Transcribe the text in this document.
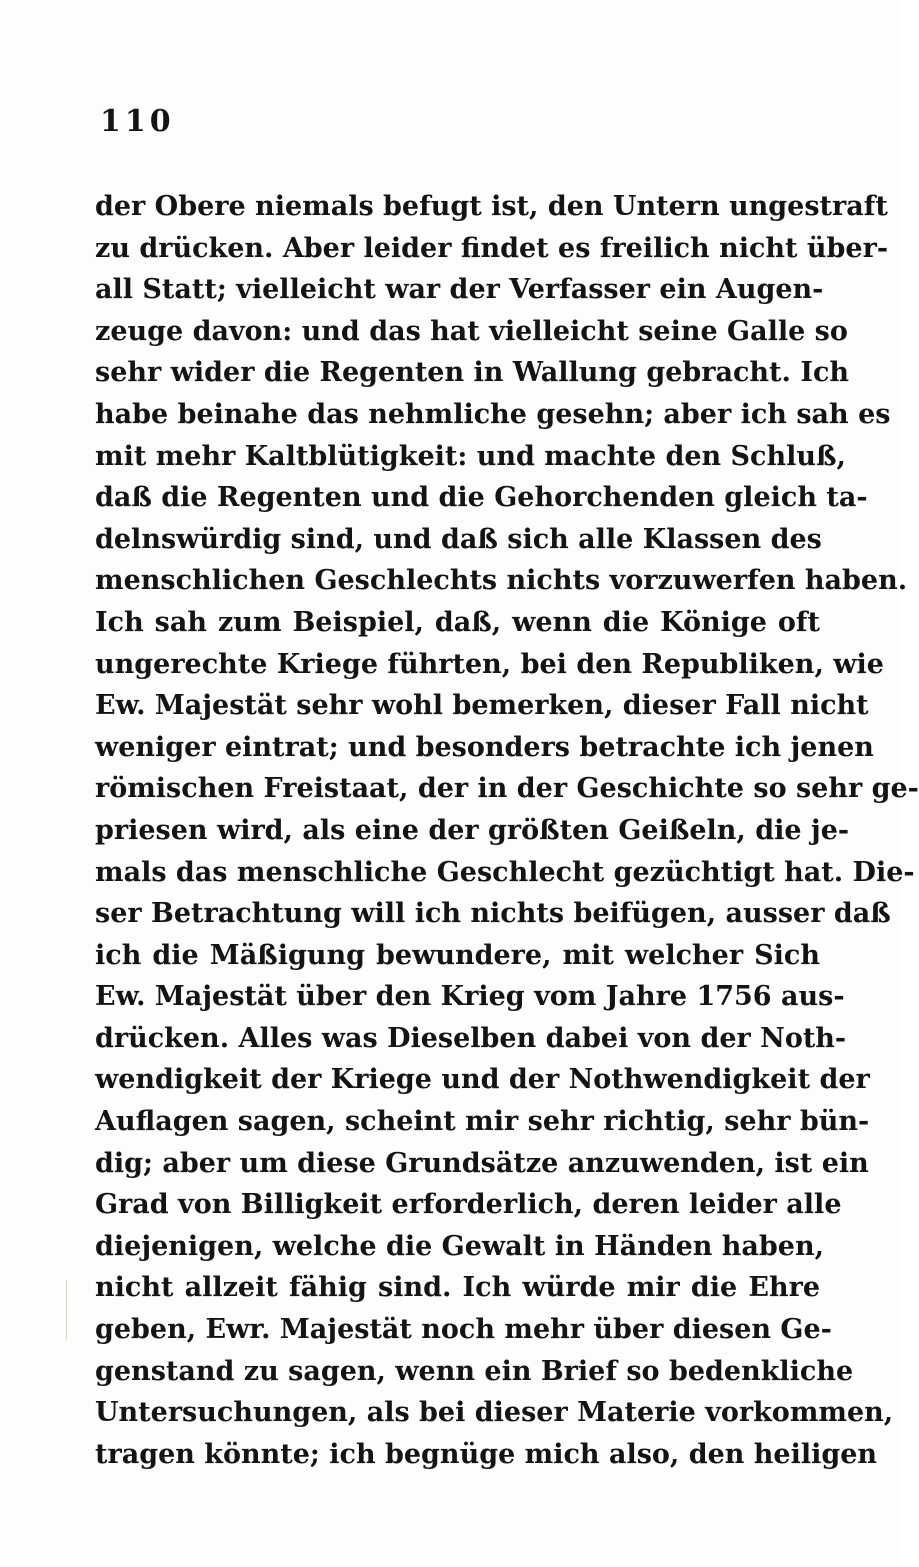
110
der Obere niemals befugt ist, den Untern ungestraft
zu drücken. Aber leider findet es freilich nicht über-
all Statt; vielleicht war der Verfasser ein Augen-
zeuge davon: und das hat vielleicht seine Galle so
sehr wider die Regenten in Wallung gebracht. Ich
habe beinahe das nehmliche gesehn; aber ich sah es
mit mehr Kaltblütigkeit: und machte den Schluß,
daß die Regenten und die Gehorchenden gleich ta-
delnswürdig sind, und daß sich alle Klassen des
menschlichen Geschlechts nichts vorzuwerfen haben.
Ich sah zum Beispiel, daß, wenn die Könige oft
ungerechte Kriege führten, bei den Republiken, wie
Ew. Majestät sehr wohl bemerken, dieser Fall nicht
weniger eintrat; und besonders betrachte ich jenen
römischen Freistaat, der in der Geschichte so sehr ge-
priesen wird, als eine der größten Geißeln, die je-
mals das menschliche Geschlecht gezüchtigt hat. Die-
ser Betrachtung will ich nichts beifügen, ausser daß
ich die Mäßigung bewundere, mit welcher Sich
Ew. Majestät über den Krieg vom Jahre 1756 aus-
drücken. Alles was Dieselben dabei von der Noth-
wendigkeit der Kriege und der Nothwendigkeit der
Auflagen sagen, scheint mir sehr richtig, sehr bün-
dig; aber um diese Grundsätze anzuwenden, ist ein
Grad von Billigkeit erforderlich, deren leider alle
diejenigen, welche die Gewalt in Händen haben,
nicht allzeit fähig sind. Ich würde mir die Ehre
geben, Ewr. Majestät noch mehr über diesen Ge-
genstand zu sagen, wenn ein Brief so bedenkliche
Untersuchungen, als bei dieser Materie vorkommen,
tragen könnte; ich begnüge mich also, den heiligen
